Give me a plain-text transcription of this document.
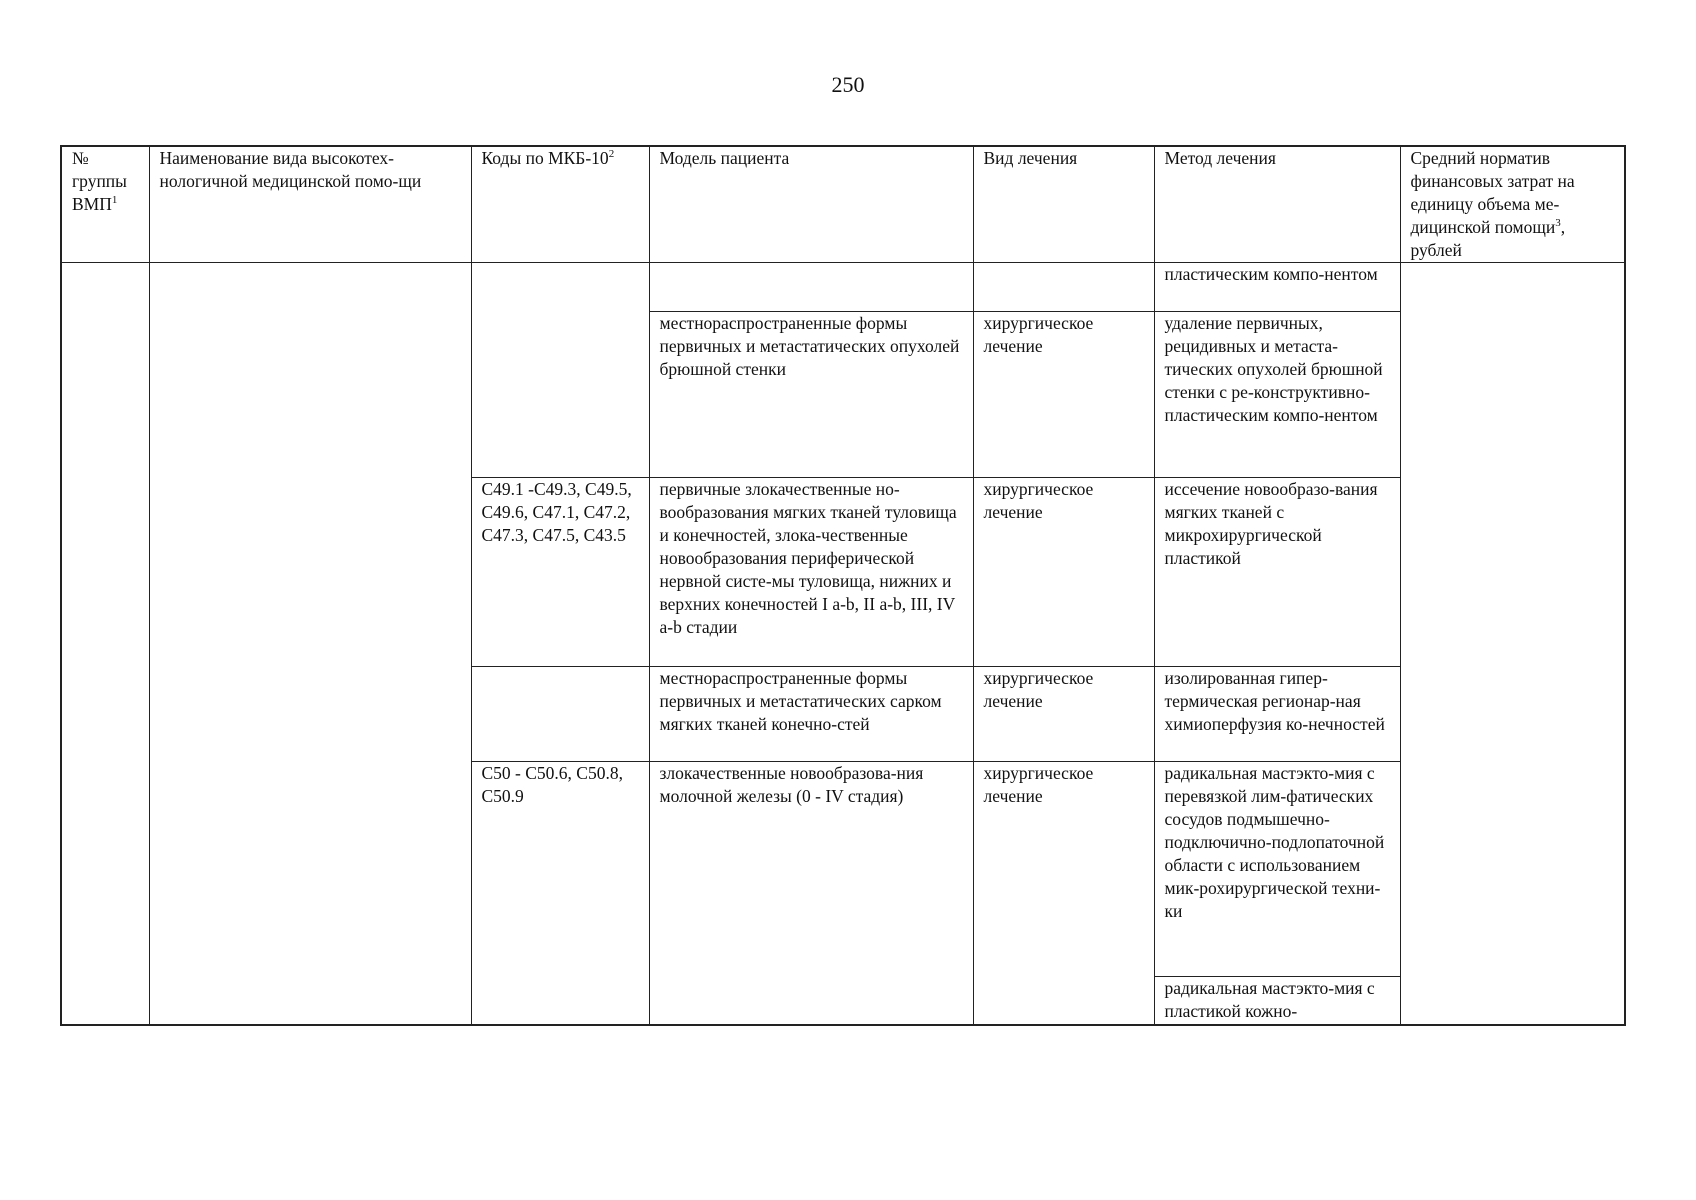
250
№ группы ВМП$^1$	Наименование вида высокотех-нологичной медицинской помо-щи	Коды по МКБ-$10^2$	Модель пациента	Вид лечения	Метод лечения	Средний норматив финансовых затрат на единицу объема ме-дицинской помощи$^3$, рублей
					пластическим компо-нентом	
			местнораспространенные формы первичных и метастатических опухолей брюшной стенки	хирургическое лечение	удаление первичных, рецидивных и метаста-тических опухолей брюшной стенки с ре-конструктивно-пластическим компо-нентом	
		C49.1 -C49.3, C49.5, C49.6, C47.1, C47.2, C47.3, C47.5, C43.5	первичные злокачественные но-вообразования мягких тканей туловища и конечностей, злока-чественные новообразования периферической нервной систе-мы туловища, нижних и верхних конечностей I a-b, II a-b, III, IV a-b стадии	хирургическое лечение	иссечение новообразо-вания мягких тканей с микрохирургической пластикой	
			местнораспространенные формы первичных и метастатических сарком мягких тканей конечно-стей	хирургическое лечение	изолированная гипер-термическая регионар-ная химиоперфузия ко-нечностей	
		C50 - C50.6, C50.8, C50.9	злокачественные новообразова-ния молочной железы (0 - IV стадия)	хирургическое лечение	радикальная мастэкто-мия с перевязкой лим-фатических сосудов подмышечно-подключично-подлопаточной области с использованием мик-рохирургической техни-ки	
					радикальная мастэкто-мия с пластикой кожно-	
